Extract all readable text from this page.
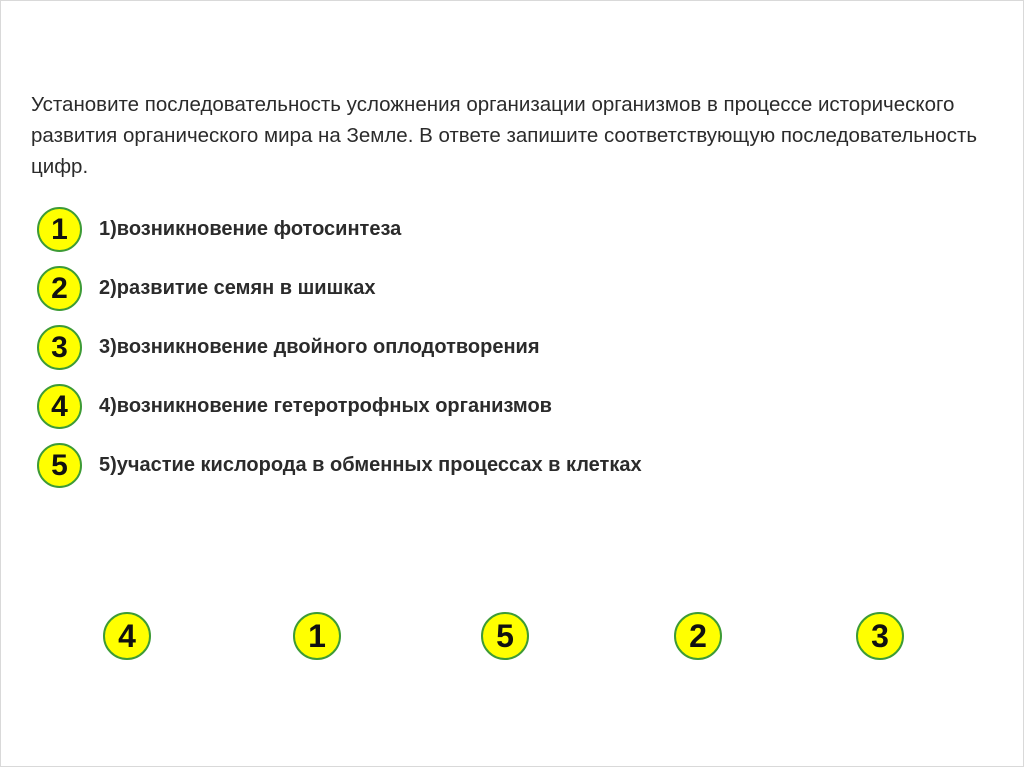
Установите последовательность усложнения организации организмов в процессе исторического развития органического мира на Земле. В ответе запишите соответствующую последовательность цифр.

1	1)возникновение фотосинтеза
2	2)развитие семян в шишках
3	3)возникновение двойного оплодотворения
4	4)возникновение гетеротрофных организмов
5	5)участие кислорода в обменных процессах в клетках
4	1	5	2	3
